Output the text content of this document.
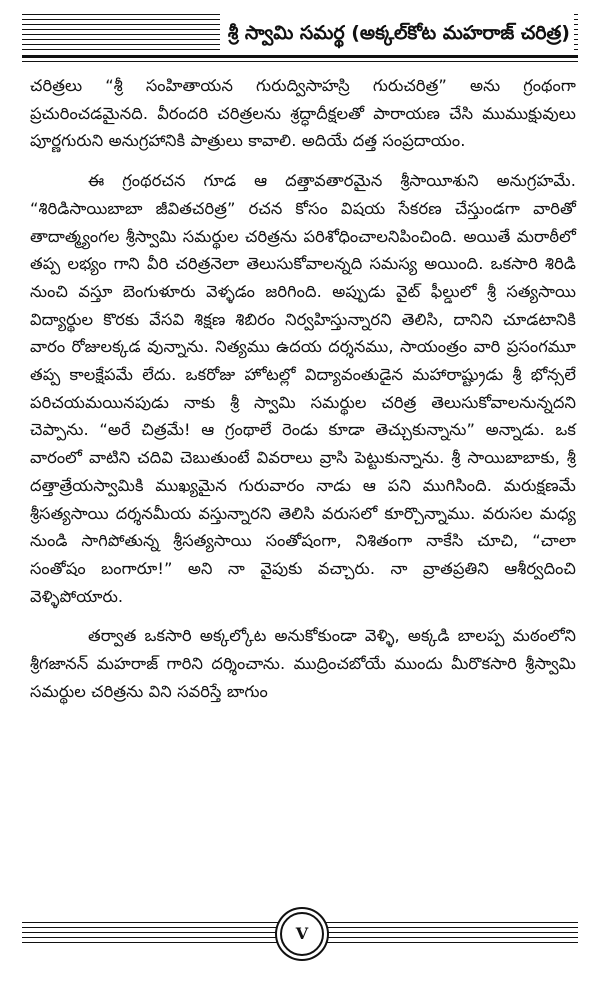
శ్రీ స్వామి సమర్థ (అక్కల్‌కోట మహరాజ్ చరిత్ర)

చరిత్రలు “శ్రీ సంహితాయన గురుద్విసాహస్రి గురుచరిత్ర” అను గ్రంథంగా ప్రచురించడమైనది. వీరందరి చరిత్రలను శ్రద్ధాదీక్షలతో పారాయణ చేసి ముముక్షువులు పూర్ణగురుని అనుగ్రహానికి పాత్రులు కావాలి. అదియే దత్త సంప్రదాయం.

ఈ గ్రంథరచన గూడ ఆ దత్తావతారమైన శ్రీసాయీశుని అనుగ్రహమే. “శిరిడిసాయిబాబా జీవితచరిత్ర” రచన కోసం విషయ సేకరణ చేస్తుండగా వారితో తాదాత్మ్యంగల శ్రీస్వామి సమర్థుల చరిత్రను పరిశోధించాలనిపించింది. అయితే మరాఠీలో తప్ప లభ్యం గాని వీరి చరిత్రనెలా తెలుసుకోవాలన్నది సమస్య అయింది. ఒకసారి శిరిడి నుంచి వస్తూ బెంగుళూరు వెళ్ళడం జరిగింది. అప్పుడు వైట్ ఫీల్డులో శ్రీ సత్యసాయి విద్యార్థుల కొరకు వేసవి శిక్షణ శిబిరం నిర్వహిస్తున్నారని తెలిసి, దానిని చూడటానికి వారం రోజులక్కడ వున్నాను. నిత్యము ఉదయ దర్శనము, సాయంత్రం వారి ప్రసంగమూ తప్ప కాలక్షేపమే లేదు. ఒకరోజు హోటల్లో విద్యావంతుడైన మహారాష్ట్రుడు శ్రీ భోన్సలే పరిచయమయినపుడు నాకు శ్రీ స్వామి సమర్థుల చరిత్ర తెలుసుకోవాలనున్నదని చెప్పాను. “అరే చిత్రమే! ఆ గ్రంథాలే రెండు కూడా తెచ్చుకున్నాను” అన్నాడు. ఒక వారంలో వాటిని చదివి చెబుతుంటే వివరాలు వ్రాసి పెట్టుకున్నాను. శ్రీ సాయిబాబాకు, శ్రీ దత్తాత్రేయస్వామికి ముఖ్యమైన గురువారం నాడు ఆ పని ముగిసింది. మరుక్షణమే శ్రీసత్యసాయి దర్శనమీయ వస్తున్నారని తెలిసి వరుసలో కూర్చొన్నాము. వరుసల మధ్య నుండి సాగిపోతున్న శ్రీసత్యసాయి సంతోషంగా, నిశితంగా నాకేసి చూచి, “చాలా సంతోషం బంగారూ!” అని నా వైపుకు వచ్చారు. నా వ్రాతప్రతిని ఆశీర్వదించి వెళ్ళిపోయారు.

తర్వాత ఒకసారి అక్కల్కోట అనుకోకుండా వెళ్ళి, అక్కడి బాలప్ప మఠంలోని శ్రీగజానన్ మహరాజ్ గారిని దర్శించాను. ముద్రించబోయే ముందు మీరొకసారి శ్రీస్వామి సమర్థుల చరిత్రను విని సవరిస్తే బాగుం

V
